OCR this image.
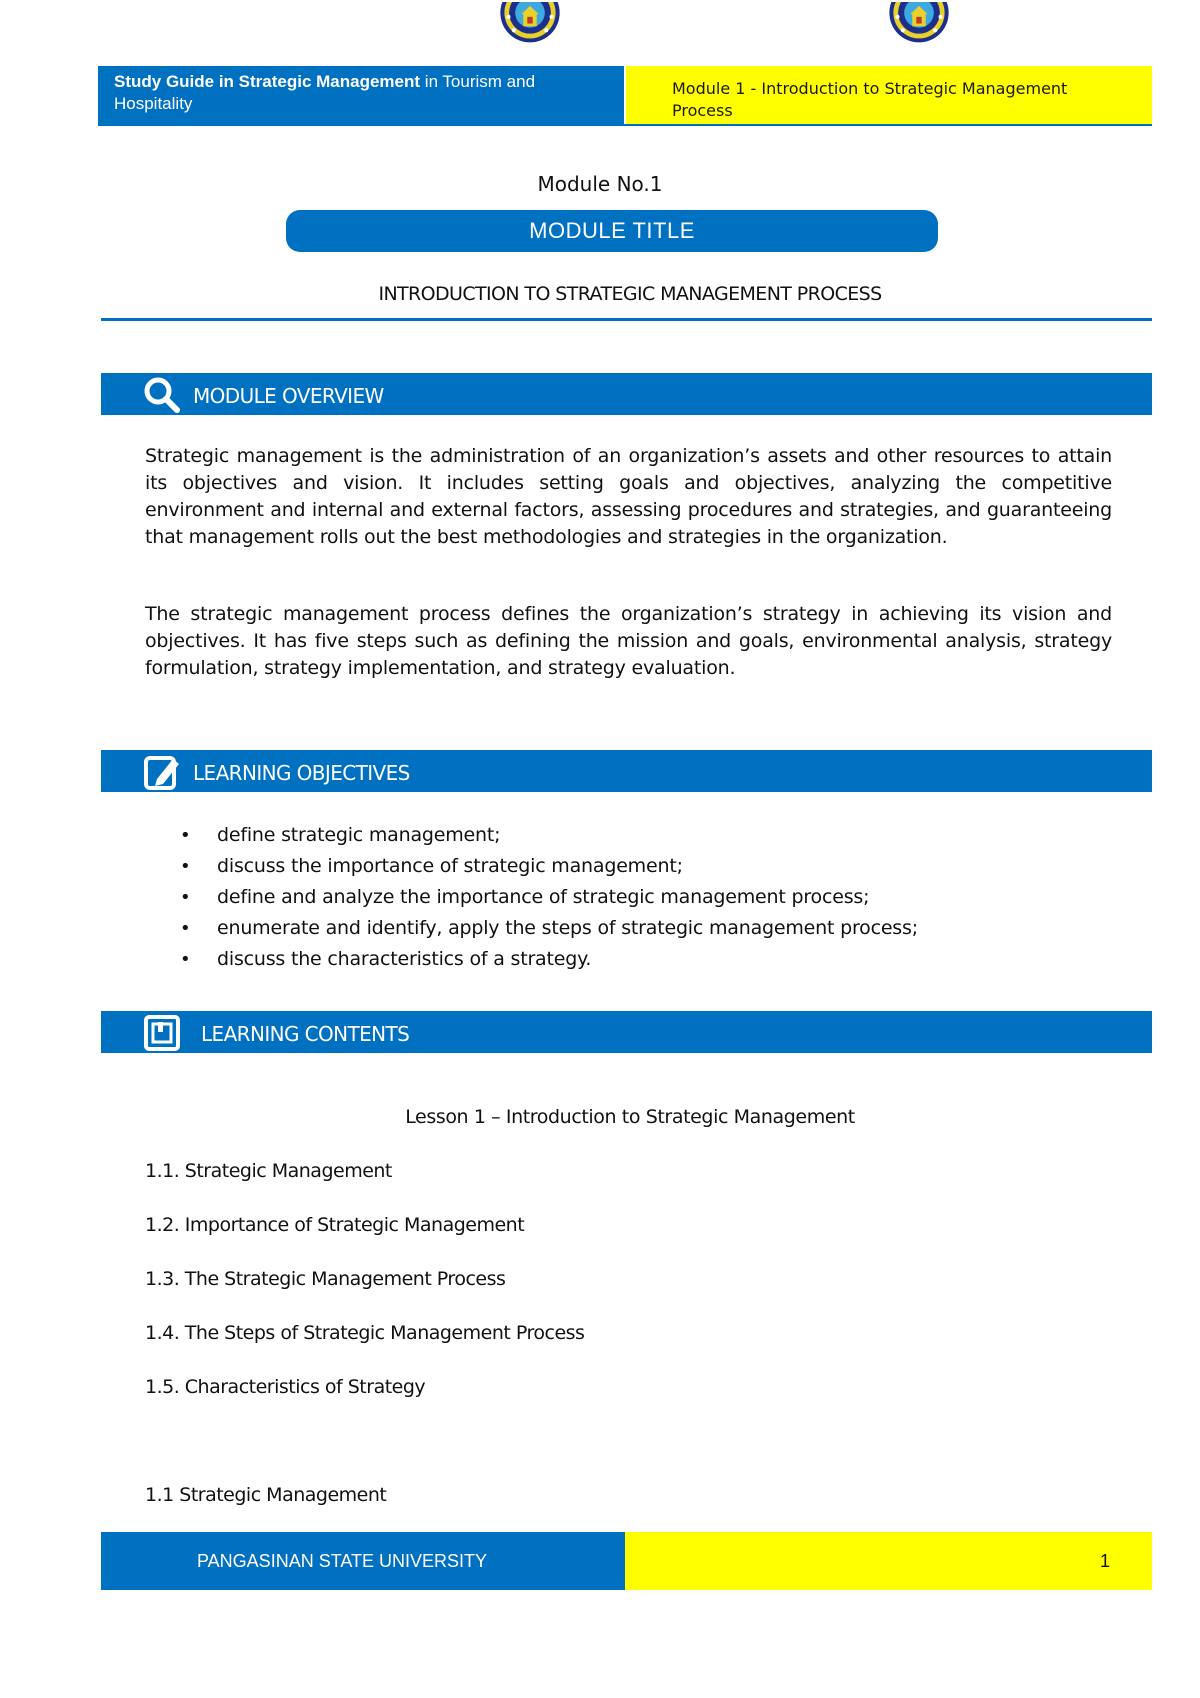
Study Guide in Strategic Management in Tourism and Hospitality
Module 1 - Introduction to Strategic Management Process
Module No.1
MODULE TITLE
INTRODUCTION TO STRATEGIC MANAGEMENT PROCESS
MODULE OVERVIEW
Strategic management is the administration of an organization’s assets and other resources to attain its objectives and vision. It includes setting goals and objectives, analyzing the competitive environment and internal and external factors, assessing procedures and strategies, and guaranteeing that management rolls out the best methodologies and strategies in the organization.
The strategic management process defines the organization’s strategy in achieving its vision and objectives. It has five steps such as defining the mission and goals, environmental analysis, strategy formulation, strategy implementation, and strategy evaluation.
LEARNING OBJECTIVES
• define strategic management;
• discuss the importance of strategic management;
• define and analyze the importance of strategic management process;
• enumerate and identify, apply the steps of strategic management process;
• discuss the characteristics of a strategy.
LEARNING CONTENTS
Lesson 1 – Introduction to Strategic Management
1.1. Strategic Management
1.2. Importance of Strategic Management
1.3. The Strategic Management Process
1.4. The Steps of Strategic Management Process
1.5. Characteristics of Strategy
1.1 Strategic Management
PANGASINAN STATE UNIVERSITY	1
